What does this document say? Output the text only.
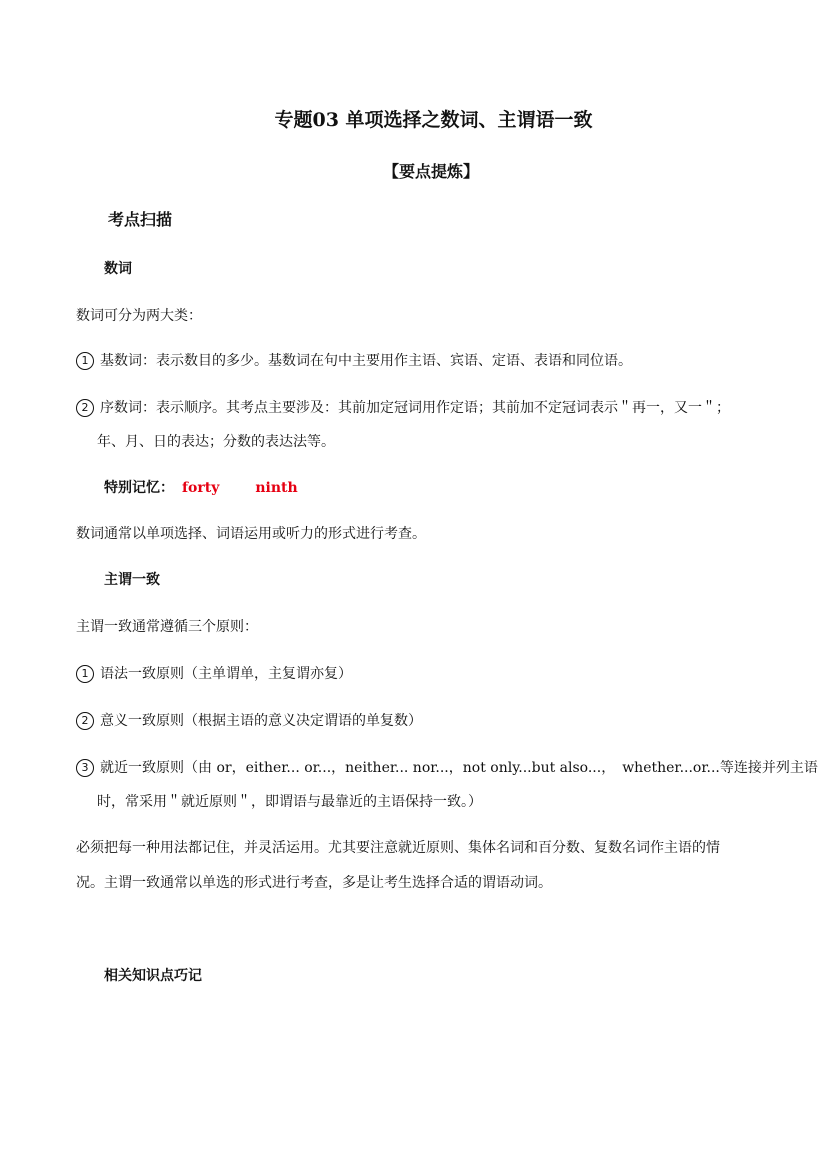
专题03 单项选择之数词、主谓语一致
【要点提炼】
考点扫描
数词
数词可分为两大类：
1 基数词：表示数目的多少。基数词在句中主要用作主语、宾语、定语、表语和同位语。
2 序数词：表示顺序。其考点主要涉及：其前加定冠词用作定语；其前加不定冠词表示＂再一，又一＂；
年、月、日的表达；分数的表达法等。
特别记忆： forty	ninth
数词通常以单项选择、词语运用或听力的形式进行考查。
主谓一致
主谓一致通常遵循三个原则：
1 语法一致原则（主单谓单，主复谓亦复）
2 意义一致原则（根据主语的意义决定谓语的单复数）
3 就近一致原则（由 or，either... or...，neither... nor...，not only...but also...，　whether...or...等连接并列主语
时，常采用＂就近原则＂，即谓语与最靠近的主语保持一致。）
必须把每一种用法都记住，并灵活运用。尤其要注意就近原则、集体名词和百分数、复数名词作主语的情
况。主谓一致通常以单选的形式进行考查，多是让考生选择合适的谓语动词。
相关知识点巧记
